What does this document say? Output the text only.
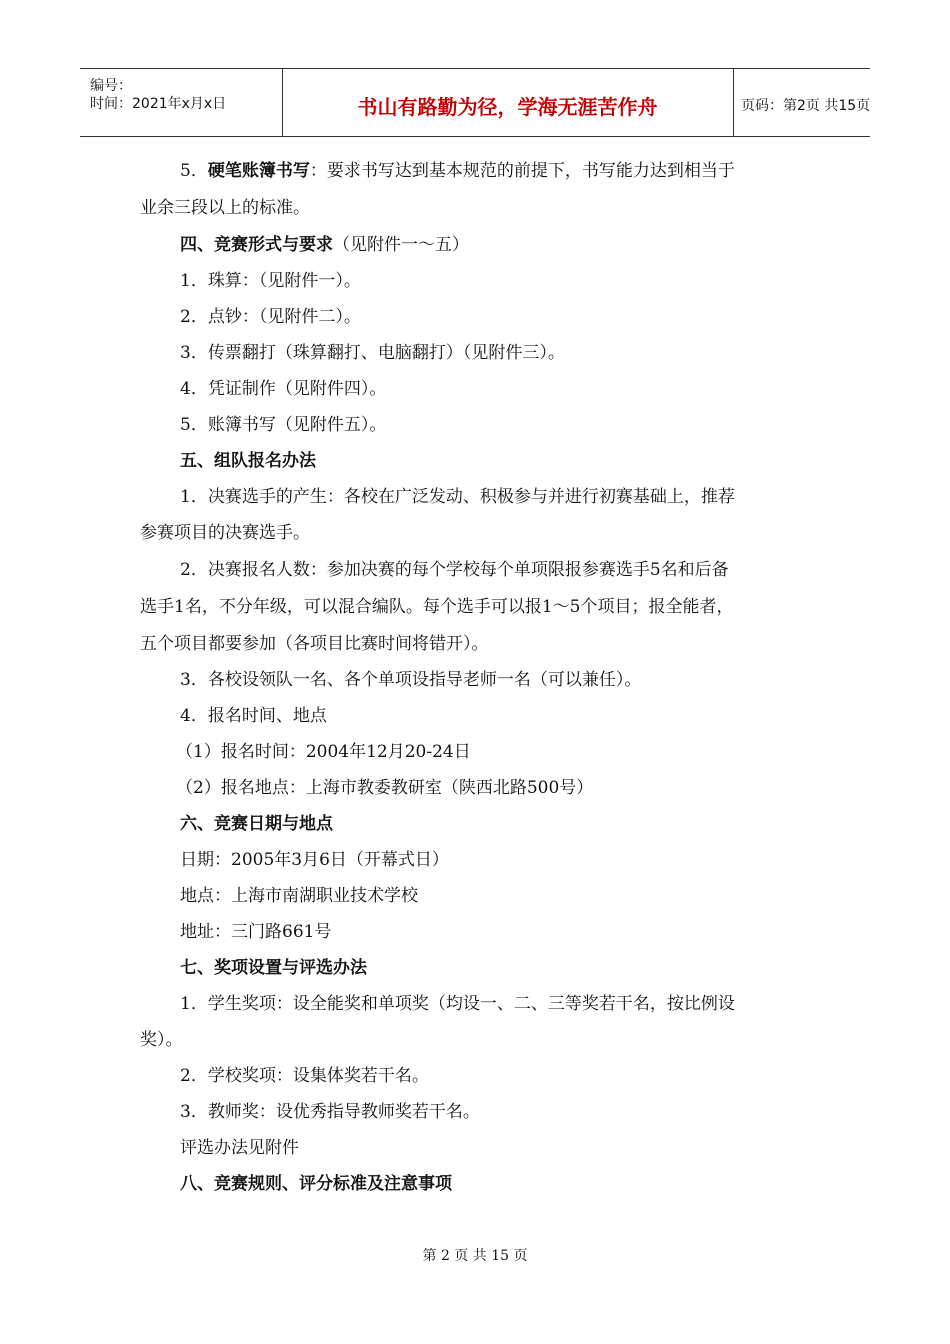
编号：
时间：2021年x月x日	书山有路勤为径，学海无涯苦作舟	页码：第2页 共15页
5．硬笔账簿书写：要求书写达到基本规范的前提下，书写能力达到相当于
业余三段以上的标准。
四、竞赛形式与要求（见附件一～五）
1．珠算：（见附件一）。
2．点钞：（见附件二）。
3．传票翻打（珠算翻打、电脑翻打）（见附件三）。
4．凭证制作（见附件四）。
5．账簿书写（见附件五）。
五、组队报名办法
1．决赛选手的产生：各校在广泛发动、积极参与并进行初赛基础上，推荐
参赛项目的决赛选手。
2．决赛报名人数：参加决赛的每个学校每个单项限报参赛选手5名和后备
选手1名，不分年级，可以混合编队。每个选手可以报1～5个项目；报全能者，
五个项目都要参加（各项目比赛时间将错开）。
3．各校设领队一名、各个单项设指导老师一名（可以兼任）。
4．报名时间、地点
（1）报名时间：2004年12月20-24日
（2）报名地点：上海市教委教研室（陕西北路500号）
六、竞赛日期与地点
日期：2005年3月6日（开幕式日）
地点：上海市南湖职业技术学校
地址：三门路661号
七、奖项设置与评选办法
1．学生奖项：设全能奖和单项奖（均设一、二、三等奖若干名，按比例设
奖）。
2．学校奖项：设集体奖若干名。
3．教师奖：设优秀指导教师奖若干名。
评选办法见附件
八、竞赛规则、评分标准及注意事项
第 2 页 共 15 页
